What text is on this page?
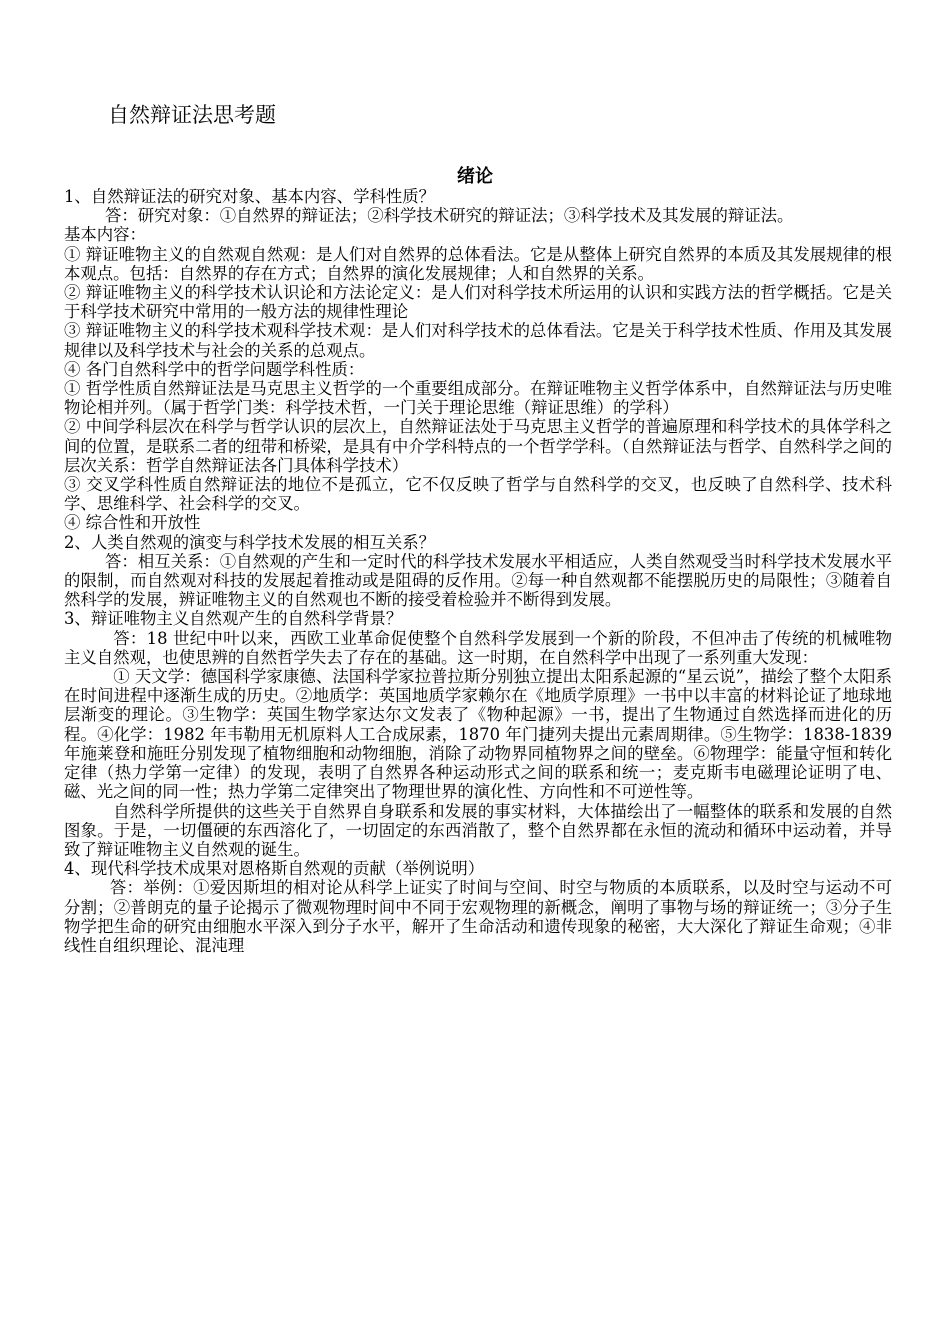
自然辩证法思考题
绪论

1、自然辩证法的研究对象、基本内容、学科性质？

答：研究对象：①自然界的辩证法；②科学技术研究的辩证法；③科学技术及其发展的辩证法。

基本内容：

① 辩证唯物主义的自然观自然观：是人们对自然界的总体看法。它是从整体上研究自然界的本质及其发展规律的根本观点。包括：自然界的存在方式；自然界的演化发展规律；人和自然界的关系。

② 辩证唯物主义的科学技术认识论和方法论定义：是人们对科学技术所运用的认识和实践方法的哲学概括。它是关于科学技术研究中常用的一般方法的规律性理论

③ 辩证唯物主义的科学技术观科学技术观：是人们对科学技术的总体看法。它是关于科学技术性质、作用及其发展规律以及科学技术与社会的关系的总观点。

④ 各门自然科学中的哲学问题学科性质：

① 哲学性质自然辩证法是马克思主义哲学的一个重要组成部分。在辩证唯物主义哲学体系中，自然辩证法与历史唯物论相并列。（属于哲学门类：科学技术哲，一门关于理论思维（辩证思维）的学科）

② 中间学科层次在科学与哲学认识的层次上，自然辩证法处于马克思主义哲学的普遍原理和科学技术的具体学科之间的位置，是联系二者的纽带和桥梁，是具有中介学科特点的一个哲学学科。（自然辩证法与哲学、自然科学之间的层次关系：哲学自然辩证法各门具体科学技术）

③ 交叉学科性质自然辩证法的地位不是孤立，它不仅反映了哲学与自然科学的交叉，也反映了自然科学、技术科学、思维科学、社会科学的交叉。

④ 综合性和开放性

2、人类自然观的演变与科学技术发展的相互关系？

答：相互关系：①自然观的产生和一定时代的科学技术发展水平相适应，人类自然观受当时科学技术发展水平的限制，而自然观对科技的发展起着推动或是阻碍的反作用。②每一种自然观都不能摆脱历史的局限性；③随着自然科学的发展，辨证唯物主义的自然观也不断的接受着检验并不断得到发展。

3、辩证唯物主义自然观产生的自然科学背景？

答：18 世纪中叶以来，西欧工业革命促使整个自然科学发展到一个新的阶段，不但冲击了传统的机械唯物主义自然观，也使思辨的自然哲学失去了存在的基础。这一时期，在自然科学中出现了一系列重大发现：

① 天文学：德国科学家康德、法国科学家拉普拉斯分别独立提出太阳系起源的“星云说”，描绘了整个太阳系在时间进程中逐渐生成的历史。②地质学：英国地质学家赖尔在《地质学原理》一书中以丰富的材料论证了地球地层渐变的理论。③生物学：英国生物学家达尔文发表了《物种起源》一书，提出了生物通过自然选择而进化的历程。④化学：1982 年韦勒用无机原料人工合成尿素，1870 年门捷列夫提出元素周期律。⑤生物学：1838-1839 年施莱登和施旺分别发现了植物细胞和动物细胞，消除了动物界同植物界之间的壁垒。⑥物理学：能量守恒和转化定律（热力学第一定律）的发现，表明了自然界各种运动形式之间的联系和统一；麦克斯韦电磁理论证明了电、磁、光之间的同一性；热力学第二定律突出了物理世界的演化性、方向性和不可逆性等。

自然科学所提供的这些关于自然界自身联系和发展的事实材料，大体描绘出了一幅整体的联系和发展的自然图象。于是，一切僵硬的东西溶化了，一切固定的东西消散了，整个自然界都在永恒的流动和循环中运动着，并导致了辩证唯物主义自然观的诞生。

4、现代科学技术成果对恩格斯自然观的贡献（举例说明）

答：举例：①爱因斯坦的相对论从科学上证实了时间与空间、时空与物质的本质联系，以及时空与运动不可分割；②普朗克的量子论揭示了微观物理时间中不同于宏观物理的新概念，阐明了事物与场的辩证统一；③分子生物学把生命的研究由细胞水平深入到分子水平，解开了生命活动和遗传现象的秘密，大大深化了辩证生命观；④非线性自组织理论、混沌理
